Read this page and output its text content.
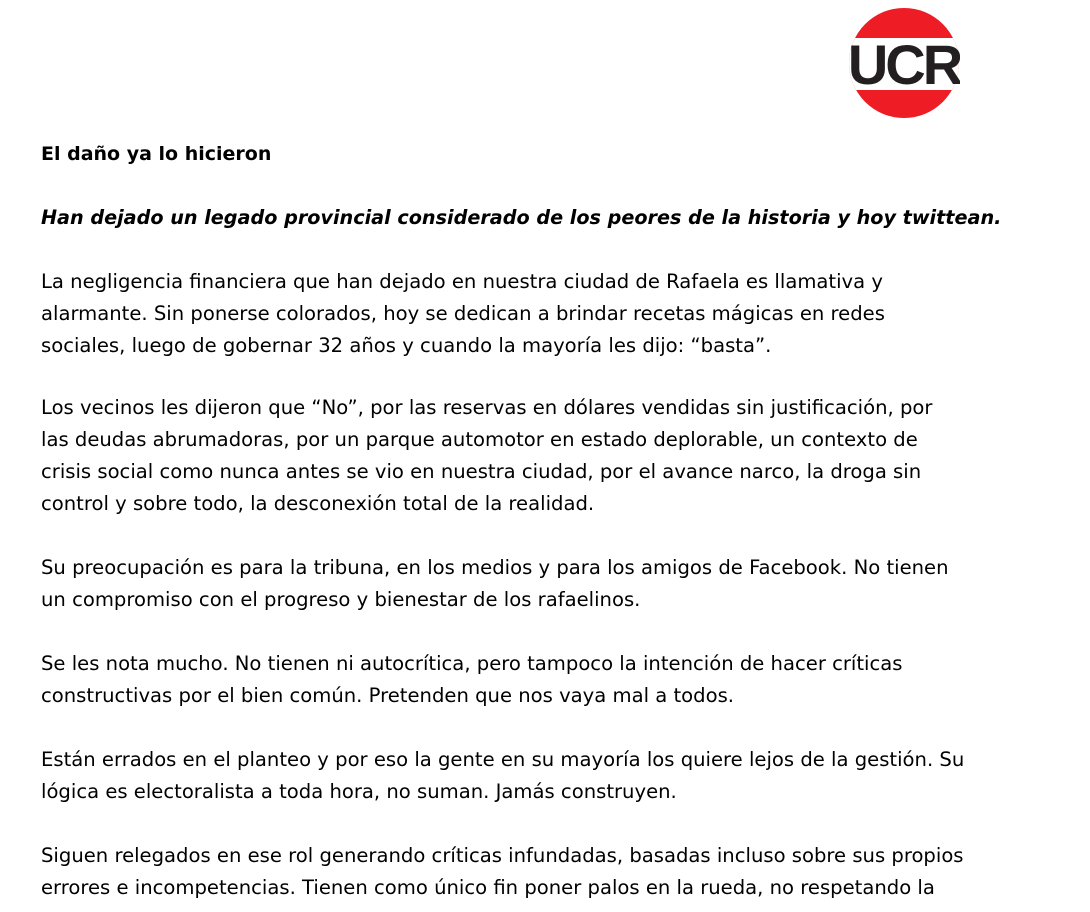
UCR

El daño ya lo hicieron

Han dejado un legado provincial considerado de los peores de la historia y hoy twittean.

La negligencia financiera que han dejado en nuestra ciudad de Rafaela es llamativa y
alarmante. Sin ponerse colorados, hoy se dedican a brindar recetas mágicas en redes
sociales, luego de gobernar 32 años y cuando la mayoría les dijo: “basta”.

Los vecinos les dijeron que “No”, por las reservas en dólares vendidas sin justificación, por
las deudas abrumadoras, por un parque automotor en estado deplorable, un contexto de
crisis social como nunca antes se vio en nuestra ciudad, por el avance narco, la droga sin
control y sobre todo, la desconexión total de la realidad.

Su preocupación es para la tribuna, en los medios y para los amigos de Facebook. No tienen
un compromiso con el progreso y bienestar de los rafaelinos.

Se les nota mucho. No tienen ni autocrítica, pero tampoco la intención de hacer críticas
constructivas por el bien común. Pretenden que nos vaya mal a todos.

Están errados en el planteo y por eso la gente en su mayoría los quiere lejos de la gestión. Su
lógica es electoralista a toda hora, no suman. Jamás construyen.

Siguen relegados en ese rol generando críticas infundadas, basadas incluso sobre sus propios
errores e incompetencias. Tienen como único fin poner palos en la rueda, no respetando la
